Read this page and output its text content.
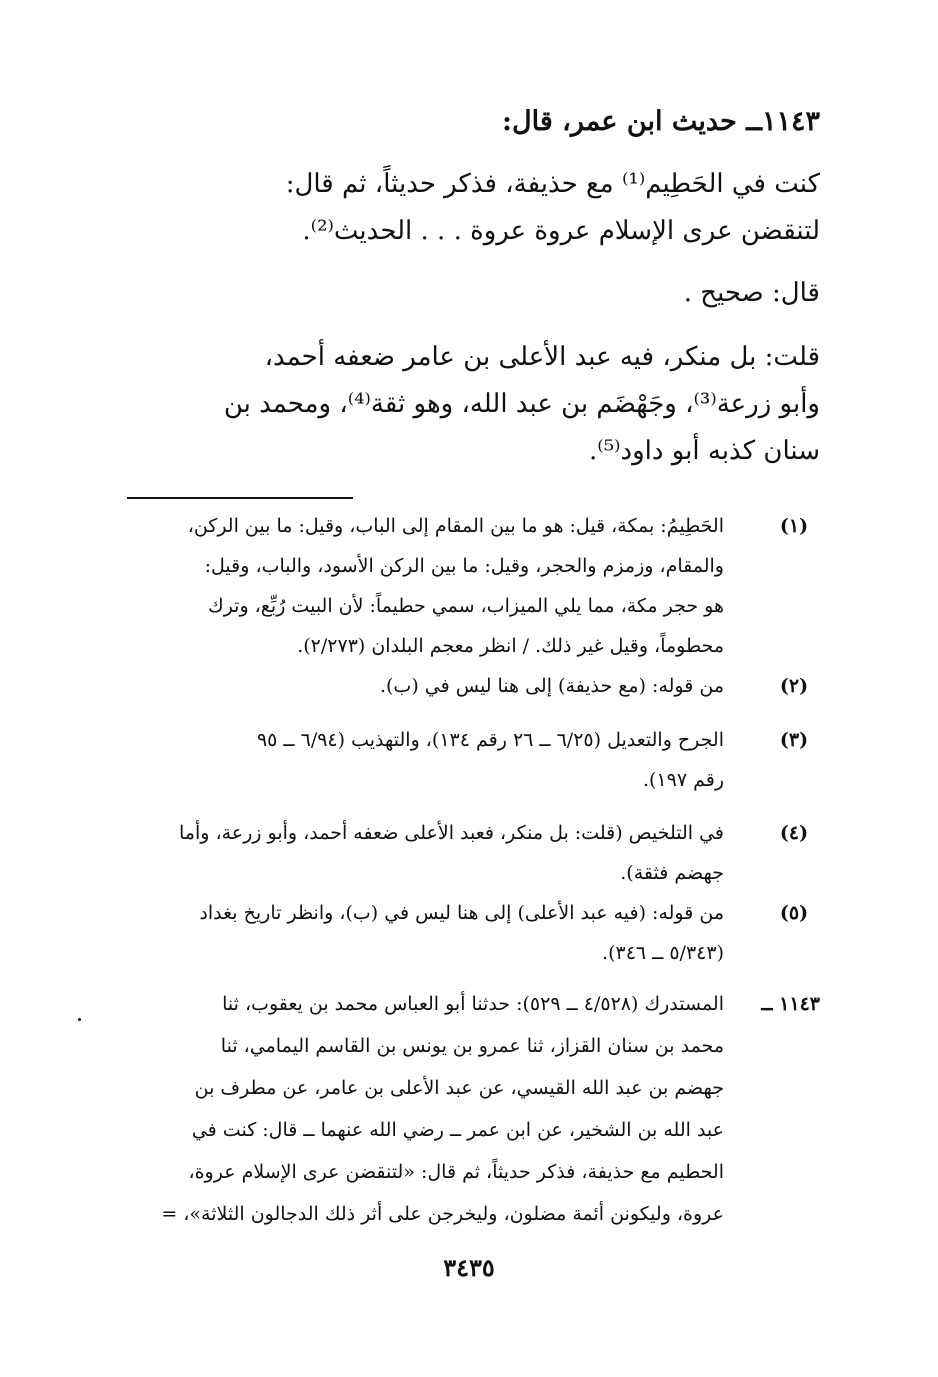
١١٤٣ــ حديث ابن عمر، قال:
كنت في الحَطِيم⁽¹⁾ مع حذيفة، فذكر حديثاً، ثم قال:
لتنقضن عرى الإسلام عروة عروة . . . الحديث⁽²⁾.
قال: صحيح .
قلت: بل منكر، فيه عبد الأعلى بن عامر ضعفه أحمد،
وأبو زرعة⁽³⁾، وجَهْضَم بن عبد الله، وهو ثقة⁽⁴⁾، ومحمد بن
سنان كذبه أبو داود⁽⁵⁾.
(١)
الحَطِيمُ: بمكة، قيل: هو ما بين المقام إلى الباب، وقيل: ما بين الركن،
والمقام، وزمزم والحجر، وقيل: ما بين الركن الأسود، والباب، وقيل:
هو حجر مكة، مما يلي الميزاب، سمي حطيماً: لأن البيت رُبِّع، وترك
محطوماً، وقيل غير ذلك. / انظر معجم البلدان (٢/٢٧٣).
(٢)
من قوله: (مع حذيفة) إلى هنا ليس في (ب).
(٣)
الجرح والتعديل (٦/٢٥ ــ ٢٦ رقم ١٣٤)، والتهذيب (٦/٩٤ ــ ٩٥
رقم ١٩٧).
(٤)
في التلخيص (قلت: بل منكر، فعبد الأعلى ضعفه أحمد، وأبو زرعة، وأما
جهضم فثقة).
(٥)
من قوله: (فيه عبد الأعلى) إلى هنا ليس في (ب)، وانظر تاريخ بغداد
(٥/٣٤٣ ــ ٣٤٦).
١١٤٣ ــ
المستدرك (٤/٥٢٨ ــ ٥٢٩): حدثنا أبو العباس محمد بن يعقوب، ثنا
محمد بن سنان القزاز، ثنا عمرو بن يونس بن القاسم اليمامي، ثنا
جهضم بن عبد الله القيسي، عن عبد الأعلى بن عامر، عن مطرف بن
عبد الله بن الشخير، عن ابن عمر ــ رضي الله عنهما ــ قال: كنت في
الحطيم مع حذيفة، فذكر حديثاً، ثم قال: «لتنقضن عرى الإسلام عروة،
عروة، وليكونن أئمة مضلون، وليخرجن على أثر ذلك الدجالون الثلاثة»، =
٣٤٣٥
